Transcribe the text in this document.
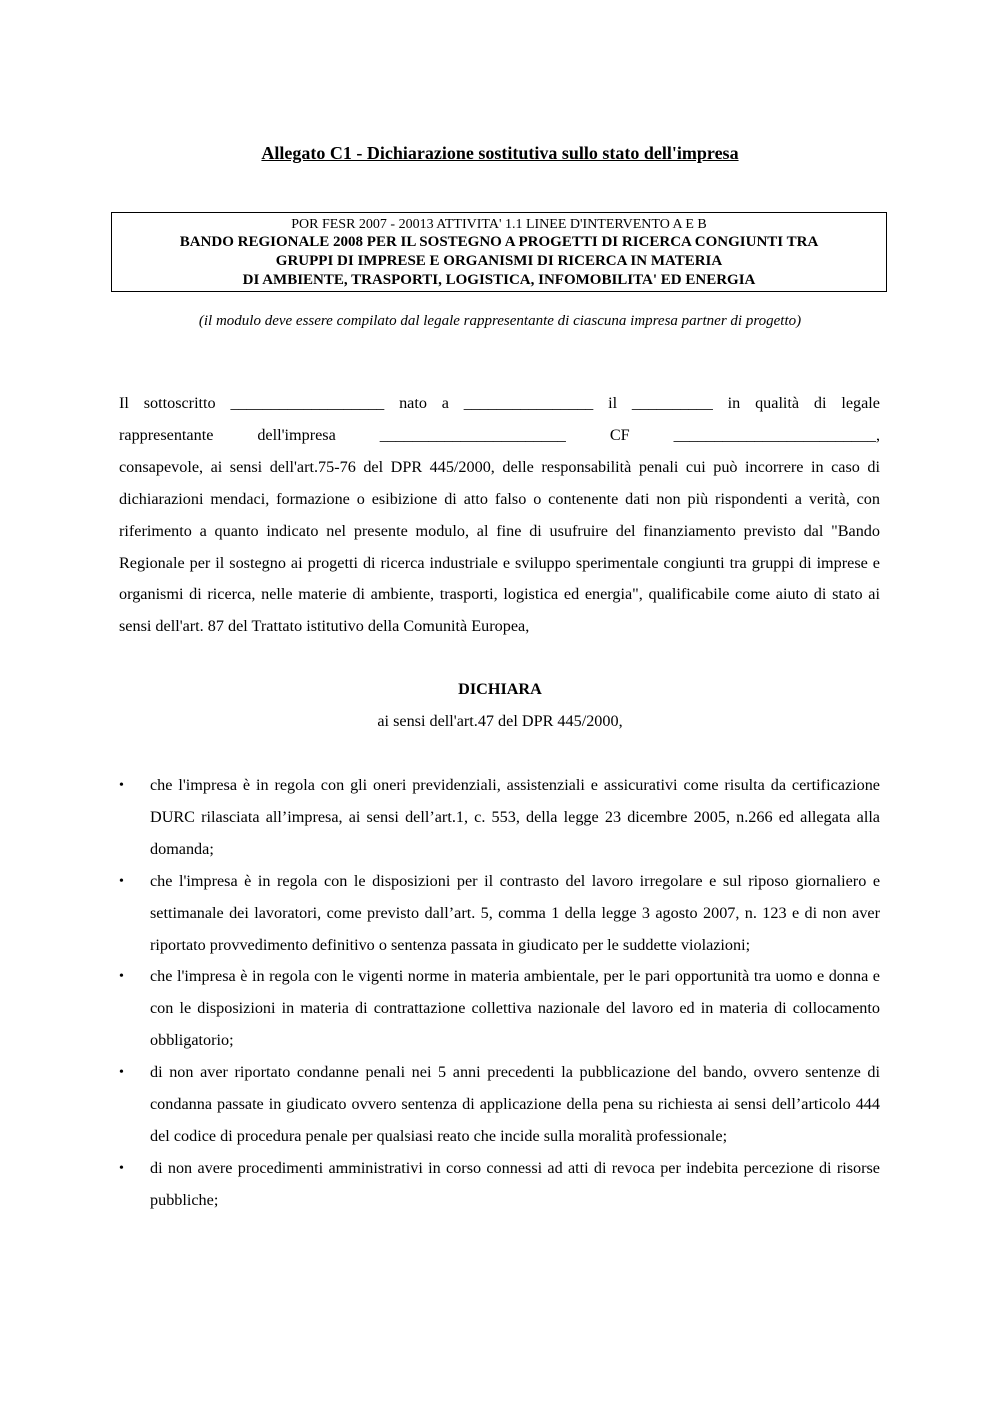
Allegato C1 - Dichiarazione sostitutiva sullo stato dell'impresa
POR FESR 2007 - 20013 ATTIVITA' 1.1 LINEE D'INTERVENTO A E B
BANDO REGIONALE 2008 PER IL SOSTEGNO A PROGETTI DI RICERCA CONGIUNTI TRA
GRUPPI DI IMPRESE E ORGANISMI DI RICERCA IN MATERIA
DI AMBIENTE, TRASPORTI, LOGISTICA, INFOMOBILITA' ED ENERGIA
(il modulo deve essere compilato dal legale rappresentante di ciascuna impresa partner di progetto)

Il sottoscritto ___________________ nato a ________________ il __________ in qualità di legale

rappresentante dell'impresa _______________________ CF _________________________,

consapevole, ai sensi dell'art.75-76 del DPR 445/2000, delle responsabilità penali cui può incorrere in caso di dichiarazioni mendaci, formazione o esibizione di atto falso o contenente dati non più rispondenti a verità, con riferimento a quanto indicato nel presente modulo, al fine di usufruire del finanziamento previsto dal "Bando Regionale per il sostegno ai progetti di ricerca industriale e sviluppo sperimentale congiunti tra gruppi di imprese e organismi di ricerca, nelle materie di ambiente, trasporti, logistica ed energia", qualificabile come aiuto di stato ai sensi dell'art. 87 del Trattato istitutivo della Comunità Europea,

DICHIARA
ai sensi dell'art.47 del DPR 445/2000,
• che l'impresa è in regola con gli oneri previdenziali, assistenziali e assicurativi come risulta da certificazione DURC rilasciata all’impresa, ai sensi dell’art.1, c. 553, della legge 23 dicembre 2005, n.266 ed allegata alla domanda;
• che l'impresa è in regola con le disposizioni per il contrasto del lavoro irregolare e sul riposo giornaliero e settimanale dei lavoratori, come previsto dall’art. 5, comma 1 della legge 3 agosto 2007, n. 123 e di non aver riportato provvedimento definitivo o sentenza passata in giudicato per le suddette violazioni;
• che l'impresa è in regola con le vigenti norme in materia ambientale, per le pari opportunità tra uomo e donna e con le disposizioni in materia di contrattazione collettiva nazionale del lavoro ed in materia di collocamento obbligatorio;
• di non aver riportato condanne penali nei 5 anni precedenti la pubblicazione del bando, ovvero sentenze di condanna passate in giudicato ovvero sentenza di applicazione della pena su richiesta ai sensi dell’articolo 444 del codice di procedura penale per qualsiasi reato che incide sulla moralità professionale;
• di non avere procedimenti amministrativi in corso connessi ad atti di revoca per indebita percezione di risorse pubbliche;
